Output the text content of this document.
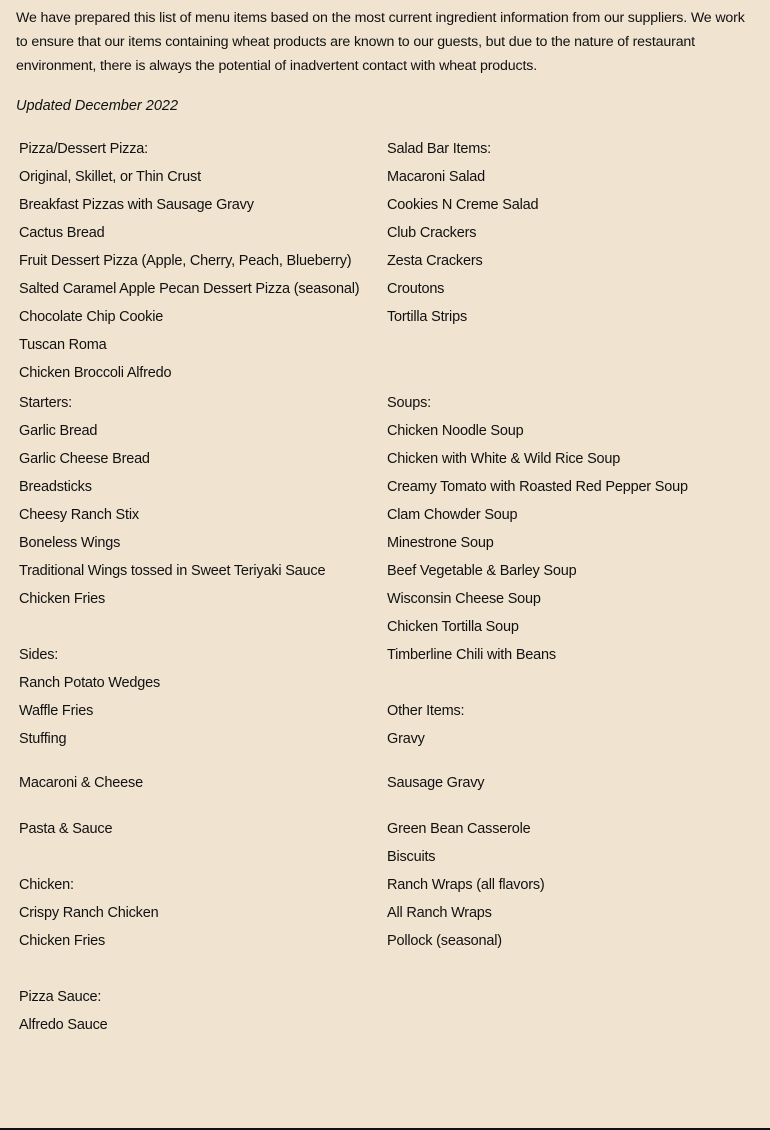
We have prepared this list of menu items based on the most current ingredient information from our suppliers. We work to ensure that our items containing wheat products are known to our guests, but due to the nature of restaurant environment, there is always the potential of inadvertent contact with wheat products.

Updated December 2022

Pizza/Dessert Pizza:
Original, Skillet, or Thin Crust
Breakfast Pizzas with Sausage Gravy
Cactus Bread
Fruit Dessert Pizza (Apple, Cherry, Peach, Blueberry)
Salted Caramel Apple Pecan Dessert Pizza (seasonal)
Chocolate Chip Cookie
Tuscan Roma
Chicken Broccoli Alfredo
Starters:
Garlic Bread
Garlic Cheese Bread
Breadsticks
Cheesy Ranch Stix
Boneless Wings
Traditional Wings tossed in Sweet Teriyaki Sauce
Chicken Fries
Sides:
Ranch Potato Wedges
Waffle Fries
Stuffing
Macaroni & Cheese
Pasta & Sauce
Chicken:
Crispy Ranch Chicken
Chicken Fries
Pizza Sauce:
Alfredo Sauce
Salad Bar Items:
Macaroni Salad
Cookies N Creme Salad
Club Crackers
Zesta Crackers
Croutons
Tortilla Strips
Soups:
Chicken Noodle Soup
Chicken with White & Wild Rice Soup
Creamy Tomato with Roasted Red Pepper Soup
Clam Chowder Soup
Minestrone Soup
Beef Vegetable & Barley Soup
Wisconsin Cheese Soup
Chicken Tortilla Soup
Timberline Chili with Beans
Other Items:
Gravy
Sausage Gravy
Green Bean Casserole
Biscuits
Ranch Wraps (all flavors)
All Ranch Wraps
Pollock (seasonal)
